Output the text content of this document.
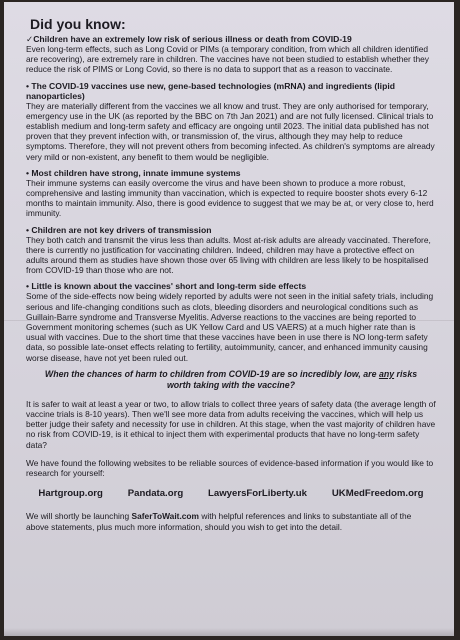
Did you know:
✓Children have an extremely low risk of serious illness or death from COVID-19
Even long-term effects, such as Long Covid or PIMs (a temporary condition, from which all children identified are recovering), are extremely rare in children. The vaccines have not been studied to establish whether they reduce the risk of PIMS or Long Covid, so there is no data to support that as a reason to vaccinate.
• The COVID-19 vaccines use new, gene-based technologies (mRNA) and ingredients (lipid nanoparticles)
They are materially different from the vaccines we all know and trust. They are only authorised for temporary, emergency use in the UK (as reported by the BBC on 7th Jan 2021) and are not fully licensed. Clinical trials to establish medium and long-term safety and efficacy are ongoing until 2023. The initial data published has not proven that they prevent infection with, or transmission of, the virus, although they may help to reduce symptoms. Therefore, they will not prevent others from becoming infected. As children's symptoms are already very mild or non-existent, any benefit to them would be negligible.
• Most children have strong, innate immune systems
Their immune systems can easily overcome the virus and have been shown to produce a more robust, comprehensive and lasting immunity than vaccination, which is expected to require booster shots every 6-12 months to maintain immunity. Also, there is good evidence to suggest that we may be at, or very close to, herd immunity.
• Children are not key drivers of transmission
They both catch and transmit the virus less than adults. Most at-risk adults are already vaccinated. Therefore, there is currently no justification for vaccinating children. Indeed, children may have a protective effect on adults around them as studies have shown those over 65 living with children are less likely to be hospitalised from COVID-19 than those who are not.
• Little is known about the vaccines' short and long-term side effects
Some of the side-effects now being widely reported by adults were not seen in the initial safety trials, including serious and life-changing conditions such as clots, bleeding disorders and neurological conditions such as Guillain-Barre syndrome and Transverse Myelitis. Adverse reactions to the vaccines are being reported to Government monitoring schemes (such as UK Yellow Card and US VAERS) at a much higher rate than is usual with vaccines. Due to the short time that these vaccines have been in use there is NO long-term safety data, so possible late-onset effects relating to fertility, autoimmunity, cancer, and enhanced immunity causing worse disease, have not yet been ruled out.
When the chances of harm to children from COVID-19 are so incredibly low, are any risks worth taking with the vaccine?
It is safer to wait at least a year or two, to allow trials to collect three years of safety data (the average length of vaccine trials is 8-10 years). Then we'll see more data from adults receiving the vaccines, which will help us better judge their safety and necessity for use in children. At this stage, when the vast majority of children have no risk from COVID-19, is it ethical to inject them with experimental products that have no long-term safety data?
We have found the following websites to be reliable sources of evidence-based information if you would like to research for yourself:
Hartgroup.org	Pandata.org	LawyersForLiberty.uk	UKMedFreedom.org
We will shortly be launching SaferToWait.com with helpful references and links to substantiate all of the above statements, plus much more information, should you wish to get into the detail.
